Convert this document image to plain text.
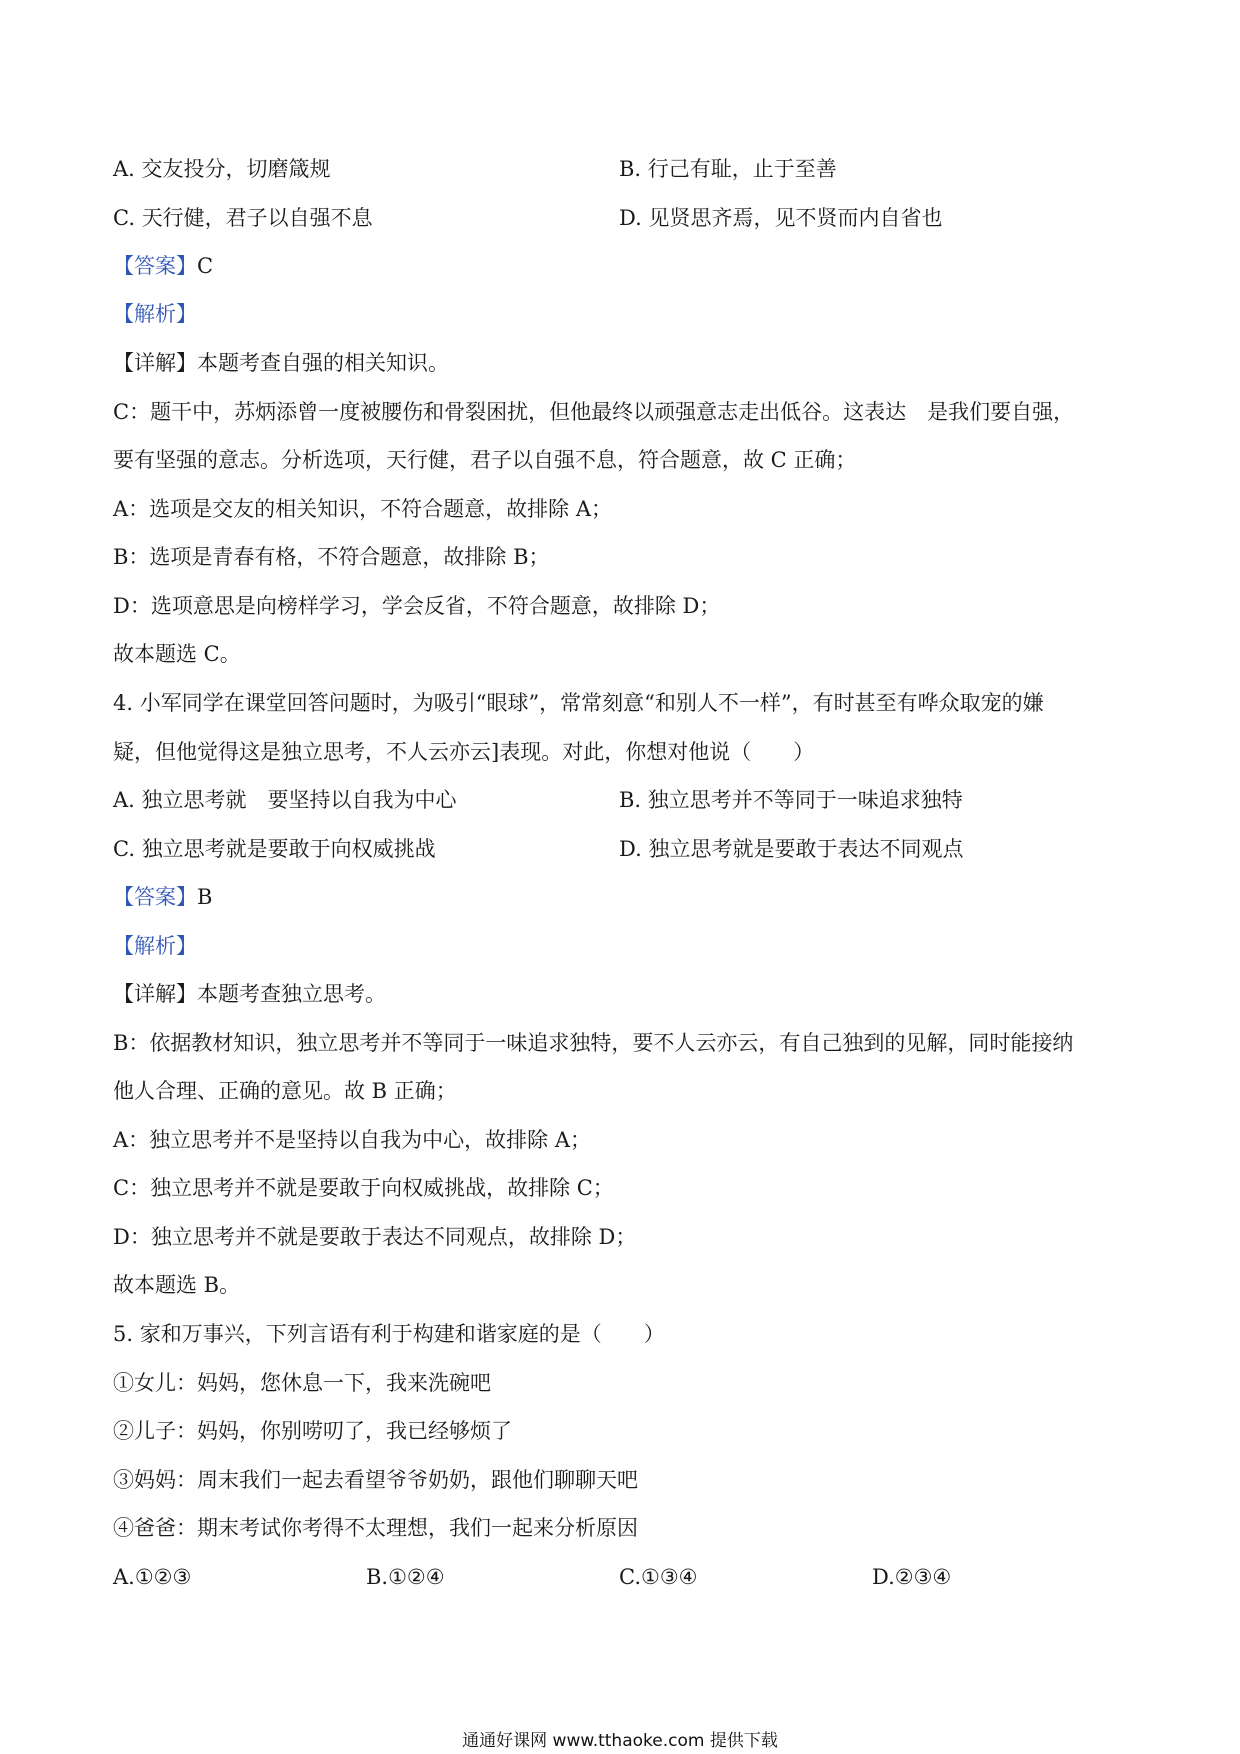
A. 交友投分，切磨箴规	B. 行己有耻，止于至善
C. 天行健，君子以自强不息	D. 见贤思齐焉，见不贤而内自省也
【答案】C
【解析】
【详解】本题考查自强的相关知识。
C：题干中，苏炳添曾一度被腰伤和骨裂困扰，但他最终以顽强意志走出低谷。这表达　是我们要自强，
要有坚强的意志。分析选项，天行健，君子以自强不息，符合题意，故 C 正确；
A：选项是交友的相关知识，不符合题意，故排除 A；
B：选项是青春有格，不符合题意，故排除 B；
D：选项意思是向榜样学习，学会反省，不符合题意，故排除 D；
故本题选 C。
4. 小军同学在课堂回答问题时，为吸引“眼球”，常常刻意“和别人不一样”，有时甚至有哗众取宠的嫌
疑，但他觉得这是独立思考，不人云亦云]表现。对此，你想对他说（　　）
A. 独立思考就　要坚持以自我为中心	B. 独立思考并不等同于一味追求独特
C. 独立思考就是要敢于向权威挑战	D. 独立思考就是要敢于表达不同观点
【答案】B
【解析】
【详解】本题考查独立思考。
B：依据教材知识，独立思考并不等同于一味追求独特，要不人云亦云，有自己独到的见解，同时能接纳
他人合理、正确的意见。故 B 正确；
A：独立思考并不是坚持以自我为中心，故排除 A；
C：独立思考并不就是要敢于向权威挑战，故排除 C；
D：独立思考并不就是要敢于表达不同观点，故排除 D；
故本题选 B。
5. 家和万事兴，下列言语有利于构建和谐家庭的是（　　）
①女儿：妈妈，您休息一下，我来洗碗吧
②儿子：妈妈，你别唠叨了，我已经够烦了
③妈妈：周末我们一起去看望爷爷奶奶，跟他们聊聊天吧
④爸爸：期末考试你考得不太理想，我们一起来分析原因
A.①②③	B.①②④	C.①③④	D.②③④
通通好课网 www.tthaoke.com 提供下载
